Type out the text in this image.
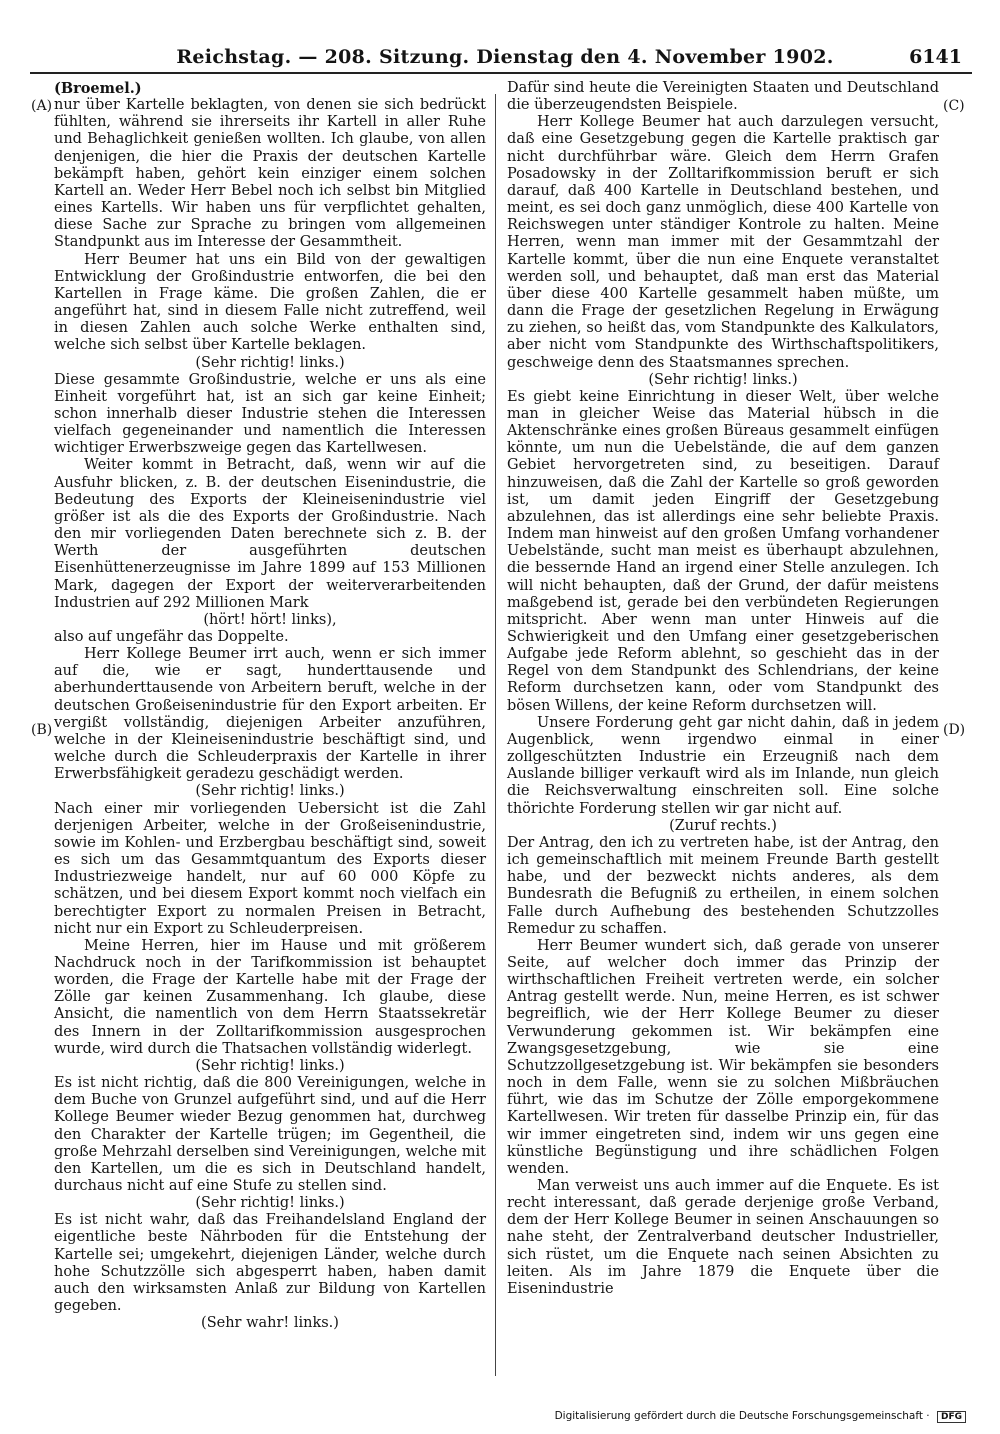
Reichstag. — 208. Sitzung. Dienstag den 4. November 1902.	6141
(A)
(B)
(C)
(D)

(Broemel.)

nur über Kartelle beklagten, von denen sie sich bedrückt fühlten, während sie ihrerseits ihr Kartell in aller Ruhe und Behaglichkeit genießen wollten. Ich glaube, von allen denjenigen, die hier die Praxis der deutschen Kartelle bekämpft haben, gehört kein einziger einem solchen Kartell an. Weder Herr Bebel noch ich selbst bin Mitglied eines Kartells. Wir haben uns für verpflichtet gehalten, diese Sache zur Sprache zu bringen vom allgemeinen Standpunkt aus im Interesse der Gesammtheit.

Herr Beumer hat uns ein Bild von der gewaltigen Entwicklung der Großindustrie entworfen, die bei den Kartellen in Frage käme. Die großen Zahlen, die er angeführt hat, sind in diesem Falle nicht zutreffend, weil in diesen Zahlen auch solche Werke enthalten sind, welche sich selbst über Kartelle beklagen.

(Sehr richtig! links.)

Diese gesammte Großindustrie, welche er uns als eine Einheit vorgeführt hat, ist an sich gar keine Einheit; schon innerhalb dieser Industrie stehen die Interessen vielfach gegeneinander und namentlich die Interessen wichtiger Erwerbszweige gegen das Kartellwesen.

Weiter kommt in Betracht, daß, wenn wir auf die Ausfuhr blicken, z. B. der deutschen Eisenindustrie, die Bedeutung des Exports der Kleineisenindustrie viel größer ist als die des Exports der Großindustrie. Nach den mir vorliegenden Daten berechnete sich z. B. der Werth der ausgeführten deutschen Eisenhüttenerzeugnisse im Jahre 1899 auf 153 Millionen Mark, dagegen der Export der weiterverarbeitenden Industrien auf 292 Millionen Mark

(hört! hört! links),

also auf ungefähr das Doppelte.

Herr Kollege Beumer irrt auch, wenn er sich immer auf die, wie er sagt, hunderttausende und aberhunderttausende von Arbeitern beruft, welche in der deutschen Großeisenindustrie für den Export arbeiten. Er vergißt vollständig, diejenigen Arbeiter anzuführen, welche in der Kleineisenindustrie beschäftigt sind, und welche durch die Schleuderpraxis der Kartelle in ihrer Erwerbsfähigkeit geradezu geschädigt werden.

(Sehr richtig! links.)

Nach einer mir vorliegenden Uebersicht ist die Zahl derjenigen Arbeiter, welche in der Großeisenindustrie, sowie im Kohlen- und Erzbergbau beschäftigt sind, soweit es sich um das Gesammtquantum des Exports dieser Industriezweige handelt, nur auf 60 000 Köpfe zu schätzen, und bei diesem Export kommt noch vielfach ein berechtigter Export zu normalen Preisen in Betracht, nicht nur ein Export zu Schleuderpreisen.

Meine Herren, hier im Hause und mit größerem Nachdruck noch in der Tarifkommission ist behauptet worden, die Frage der Kartelle habe mit der Frage der Zölle gar keinen Zusammenhang. Ich glaube, diese Ansicht, die namentlich von dem Herrn Staatssekretär des Innern in der Zolltarifkommission ausgesprochen wurde, wird durch die Thatsachen vollständig widerlegt.

(Sehr richtig! links.)

Es ist nicht richtig, daß die 800 Vereinigungen, welche in dem Buche von Grunzel aufgeführt sind, und auf die Herr Kollege Beumer wieder Bezug genommen hat, durchweg den Charakter der Kartelle trügen; im Gegentheil, die große Mehrzahl derselben sind Vereinigungen, welche mit den Kartellen, um die es sich in Deutschland handelt, durchaus nicht auf eine Stufe zu stellen sind.

(Sehr richtig! links.)

Es ist nicht wahr, daß das Freihandelsland England der eigentliche beste Nährboden für die Entstehung der Kartelle sei; umgekehrt, diejenigen Länder, welche durch hohe Schutzzölle sich abgesperrt haben, haben damit auch den wirksamsten Anlaß zur Bildung von Kartellen gegeben.

(Sehr wahr! links.)

Dafür sind heute die Vereinigten Staaten und Deutschland die überzeugendsten Beispiele.

Herr Kollege Beumer hat auch darzulegen versucht, daß eine Gesetzgebung gegen die Kartelle praktisch gar nicht durchführbar wäre. Gleich dem Herrn Grafen Posadowsky in der Zolltarifkommission beruft er sich darauf, daß 400 Kartelle in Deutschland bestehen, und meint, es sei doch ganz unmöglich, diese 400 Kartelle von Reichswegen unter ständiger Kontrole zu halten. Meine Herren, wenn man immer mit der Gesammtzahl der Kartelle kommt, über die nun eine Enquete veranstaltet werden soll, und behauptet, daß man erst das Material über diese 400 Kartelle gesammelt haben müßte, um dann die Frage der gesetzlichen Regelung in Erwägung zu ziehen, so heißt das, vom Standpunkte des Kalkulators, aber nicht vom Standpunkte des Wirthschaftspolitikers, geschweige denn des Staatsmannes sprechen.

(Sehr richtig! links.)

Es giebt keine Einrichtung in dieser Welt, über welche man in gleicher Weise das Material hübsch in die Aktenschränke eines großen Büreaus gesammelt einfügen könnte, um nun die Uebelstände, die auf dem ganzen Gebiet hervorgetreten sind, zu beseitigen. Darauf hinzuweisen, daß die Zahl der Kartelle so groß geworden ist, um damit jeden Eingriff der Gesetzgebung abzulehnen, das ist allerdings eine sehr beliebte Praxis. Indem man hinweist auf den großen Umfang vorhandener Uebelstände, sucht man meist es überhaupt abzulehnen, die bessernde Hand an irgend einer Stelle anzulegen. Ich will nicht behaupten, daß der Grund, der dafür meistens maßgebend ist, gerade bei den verbündeten Regierungen mitspricht. Aber wenn man unter Hinweis auf die Schwierigkeit und den Umfang einer gesetzgeberischen Aufgabe jede Reform ablehnt, so geschieht das in der Regel von dem Standpunkt des Schlendrians, der keine Reform durchsetzen kann, oder vom Standpunkt des bösen Willens, der keine Reform durchsetzen will.

Unsere Forderung geht gar nicht dahin, daß in jedem Augenblick, wenn irgendwo einmal in einer zollgeschützten Industrie ein Erzeugniß nach dem Auslande billiger verkauft wird als im Inlande, nun gleich die Reichsverwaltung einschreiten soll. Eine solche thörichte Forderung stellen wir gar nicht auf.

(Zuruf rechts.)

Der Antrag, den ich zu vertreten habe, ist der Antrag, den ich gemeinschaftlich mit meinem Freunde Barth gestellt habe, und der bezweckt nichts anderes, als dem Bundesrath die Befugniß zu ertheilen, in einem solchen Falle durch Aufhebung des bestehenden Schutzzolles Remedur zu schaffen.

Herr Beumer wundert sich, daß gerade von unserer Seite, auf welcher doch immer das Prinzip der wirthschaftlichen Freiheit vertreten werde, ein solcher Antrag gestellt werde. Nun, meine Herren, es ist schwer begreiflich, wie der Herr Kollege Beumer zu dieser Verwunderung gekommen ist. Wir bekämpfen eine Zwangsgesetzgebung, wie sie eine Schutzzollgesetzgebung ist. Wir bekämpfen sie besonders noch in dem Falle, wenn sie zu solchen Mißbräuchen führt, wie das im Schutze der Zölle emporgekommene Kartellwesen. Wir treten für dasselbe Prinzip ein, für das wir immer eingetreten sind, indem wir uns gegen eine künstliche Begünstigung und ihre schädlichen Folgen wenden.

Man verweist uns auch immer auf die Enquete. Es ist recht interessant, daß gerade derjenige große Verband, dem der Herr Kollege Beumer in seinen Anschauungen so nahe steht, der Zentralverband deutscher Industrieller, sich rüstet, um die Enquete nach seinen Absichten zu leiten. Als im Jahre 1879 die Enquete über die Eisenindustrie

Digitalisierung gefördert durch die Deutsche Forschungsgemeinschaft · DFG
